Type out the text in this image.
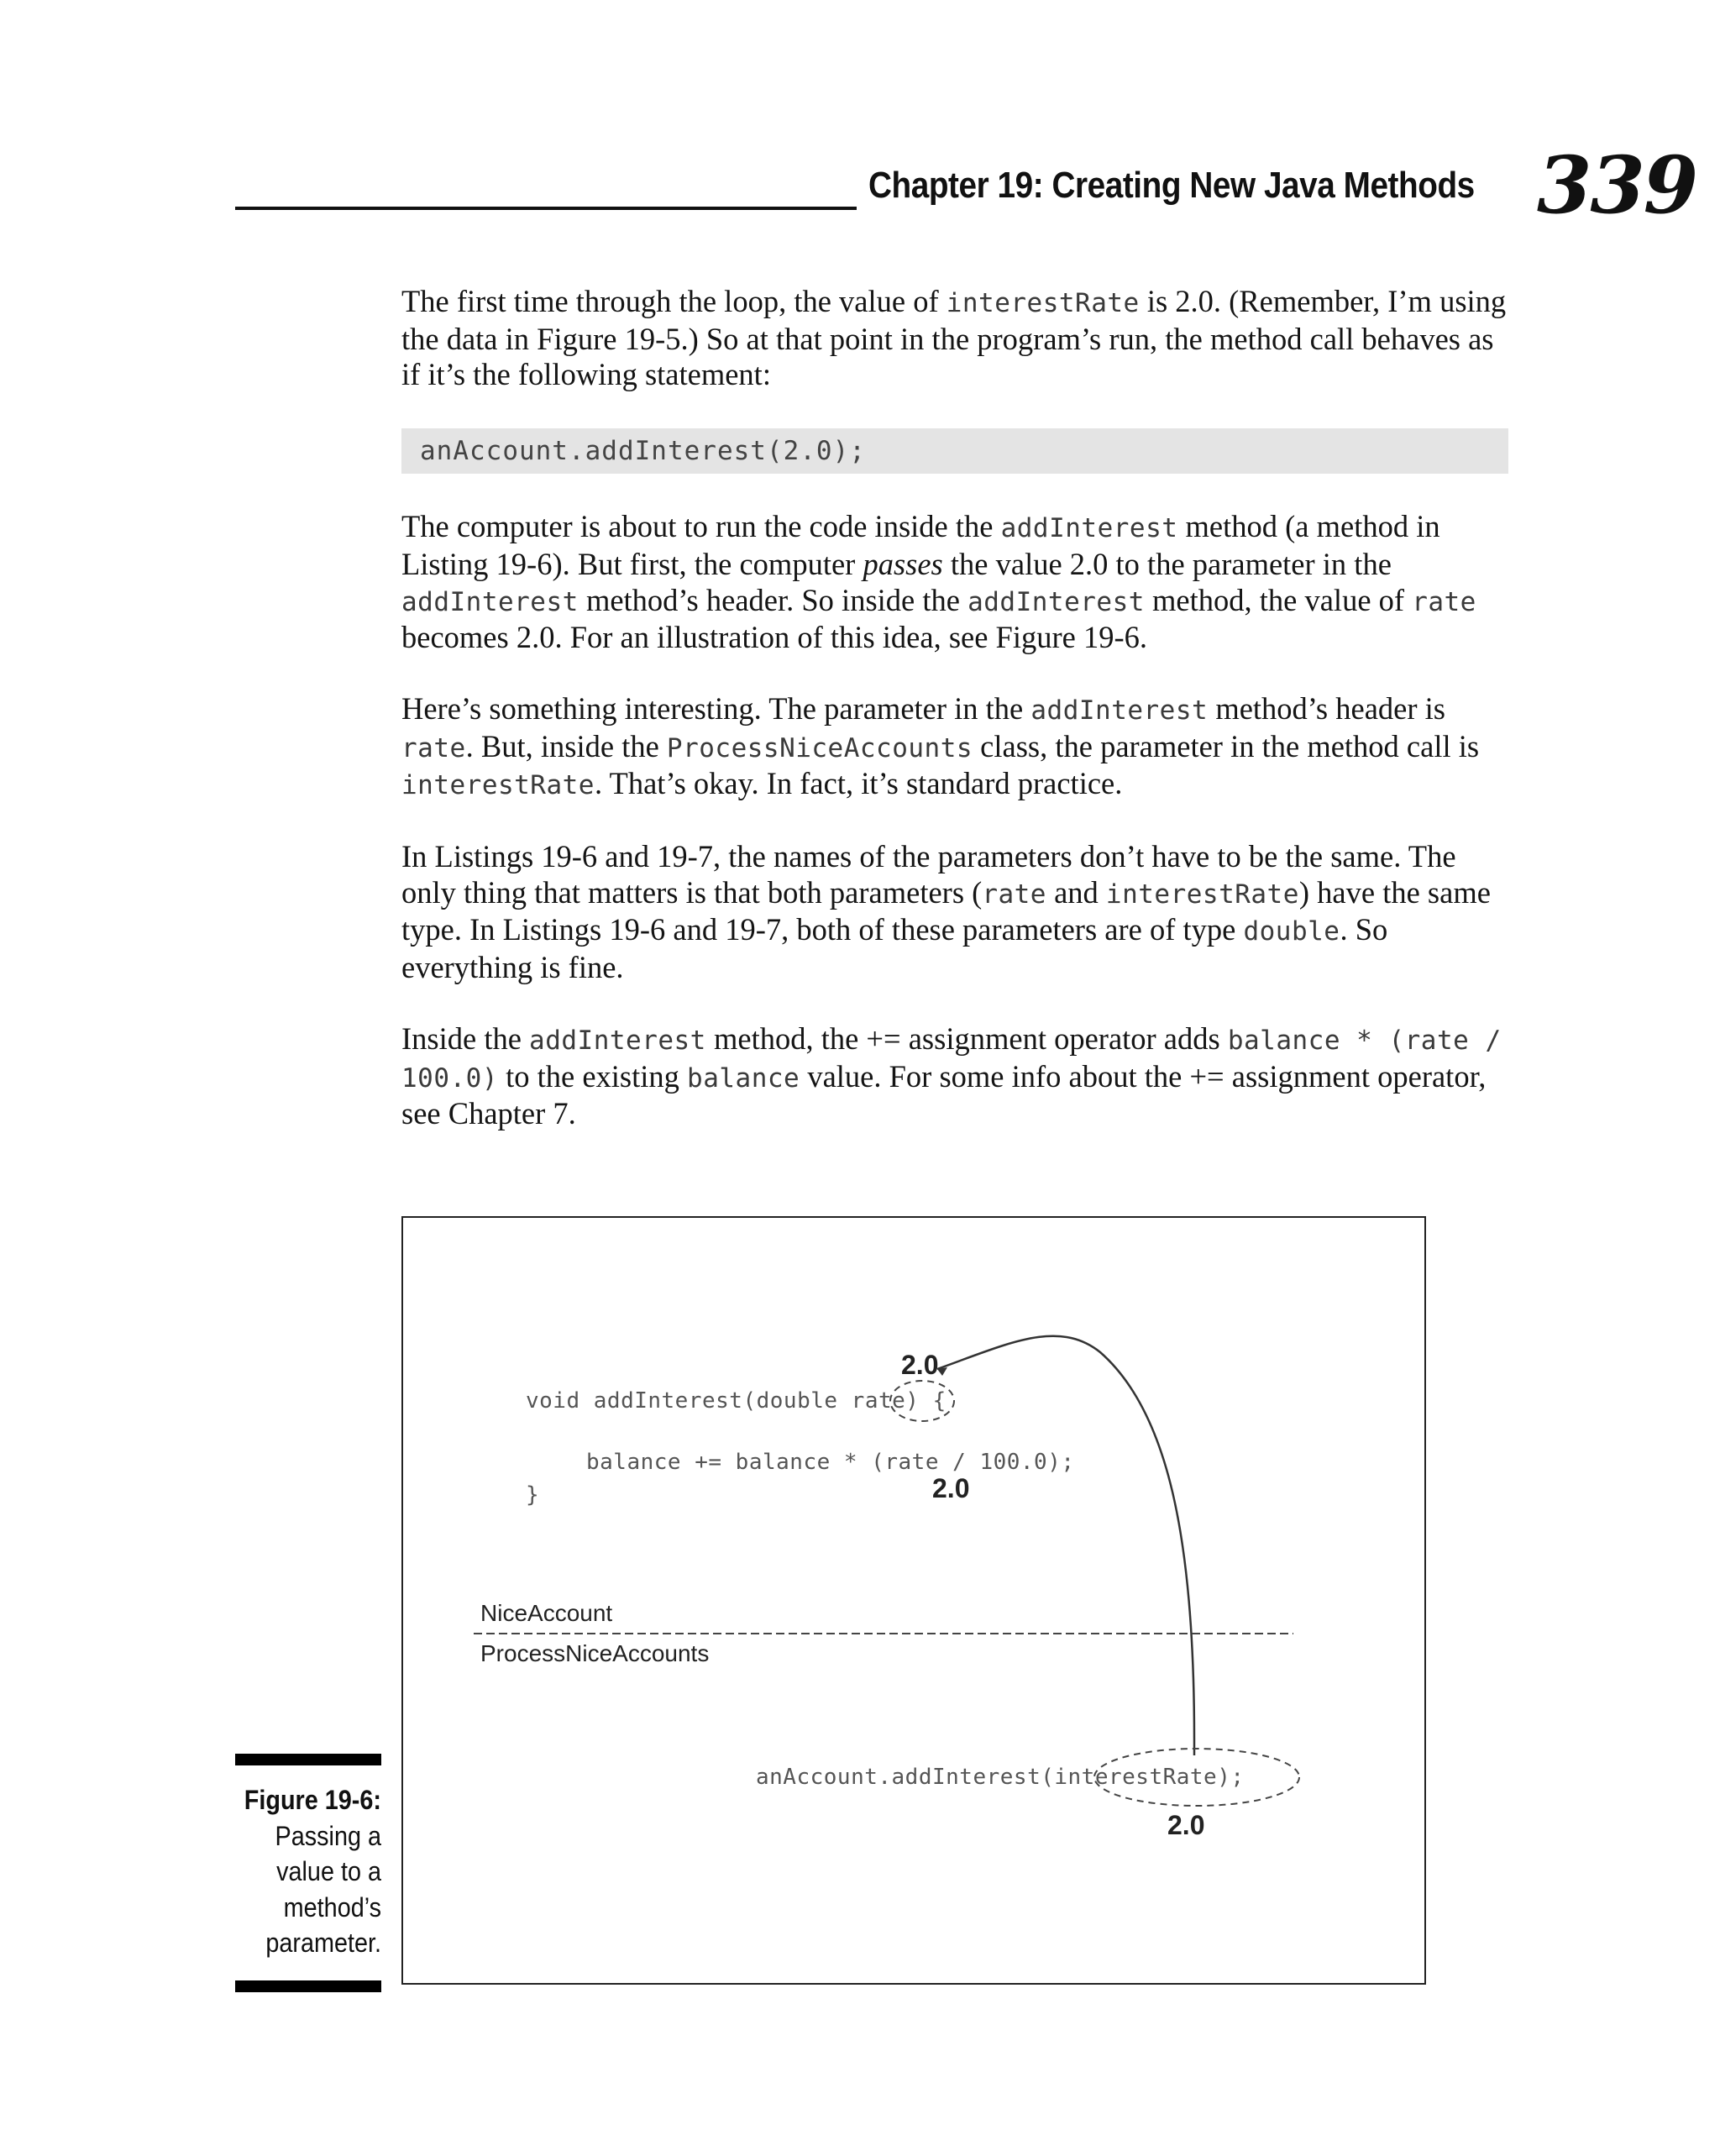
Chapter 19: Creating New Java Methods 339

The first time through the loop, the value of interestRate is 2.0. (Remember, I’m using the data in Figure 19-5.) So at that point in the program’s run, the method call behaves as if it’s the following statement:

anAccount.addInterest(2.0);

The computer is about to run the code inside the addInterest method (a method in Listing 19-6). But first, the computer passes the value 2.0 to the parameter in the addInterest method’s header. So inside the addInterest method, the value of rate becomes 2.0. For an illustration of this idea, see Figure 19-6.

Here’s something interesting. The parameter in the addInterest method’s header is rate. But, inside the ProcessNiceAccounts class, the parameter in the method call is interestRate. That’s okay. In fact, it’s standard practice.

In Listings 19-6 and 19-7, the names of the parameters don’t have to be the same. The only thing that matters is that both parameters (rate and interestRate) have the same type. In Listings 19-6 and 19-7, both of these parameters are of type double. So everything is fine.

Inside the addInterest method, the += assignment operator adds balance * (rate / 100.0) to the existing balance value. For some info about the += assignment operator, see Chapter 7.

2.0
void addInterest(double rate) {
balance += balance * (rate / 100.0);
2.0
}
NiceAccount
ProcessNiceAccounts
anAccount.addInterest(interestRate);
2.0
Figure 19-6:
Passing a value to a method’s parameter.
